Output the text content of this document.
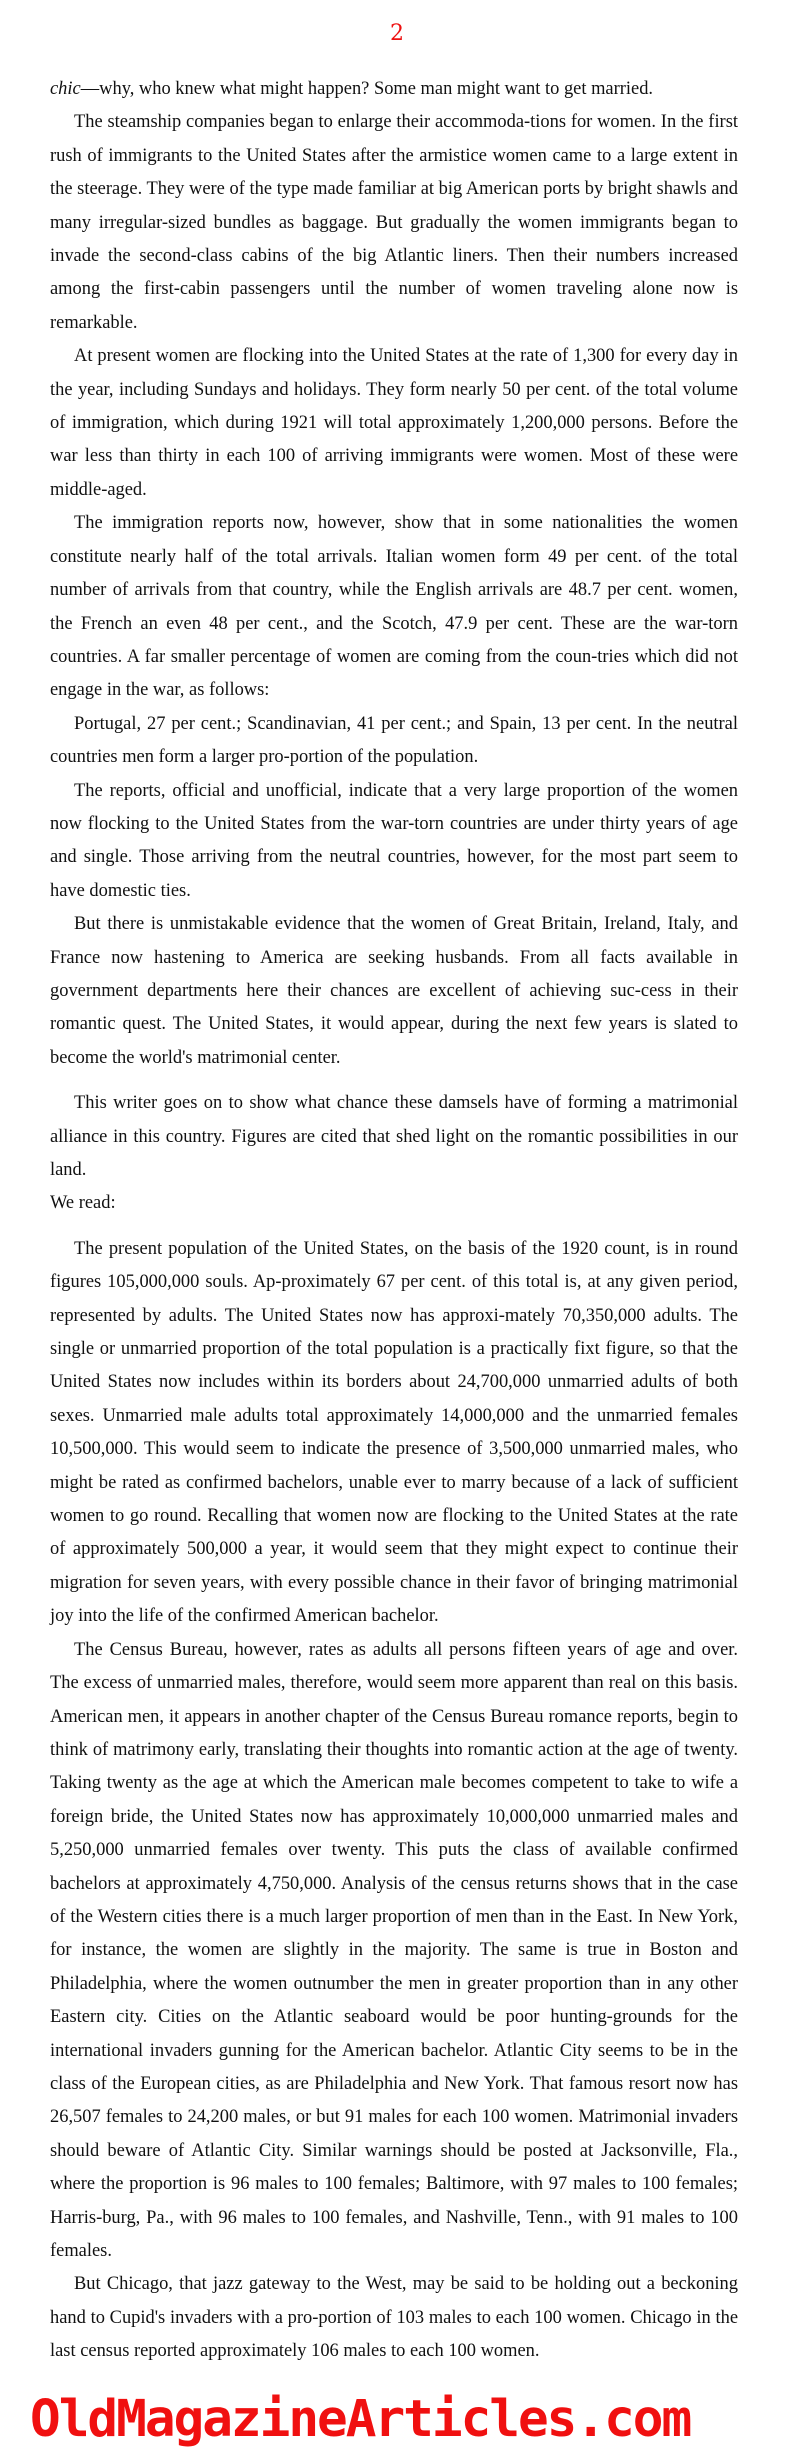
2

chic—why, who knew what might happen? Some man might want to get married.

The steamship companies began to enlarge their accommoda-tions for women. In the first rush of immigrants to the United States after the armistice women came to a large extent in the steerage. They were of the type made familiar at big American ports by bright shawls and many irregular-sized bundles as baggage. But gradually the women immigrants began to invade the second-class cabins of the big Atlantic liners. Then their numbers increased among the first-cabin passengers until the number of women traveling alone now is remarkable.

At present women are flocking into the United States at the rate of 1,300 for every day in the year, including Sundays and holidays. They form nearly 50 per cent. of the total volume of immigration, which during 1921 will total approximately 1,200,000 persons. Before the war less than thirty in each 100 of arriving immigrants were women. Most of these were middle-aged.

The immigration reports now, however, show that in some nationalities the women constitute nearly half of the total arrivals. Italian women form 49 per cent. of the total number of arrivals from that country, while the English arrivals are 48.7 per cent. women, the French an even 48 per cent., and the Scotch, 47.9 per cent. These are the war-torn countries. A far smaller percentage of women are coming from the coun-tries which did not engage in the war, as follows:

Portugal, 27 per cent.; Scandinavian, 41 per cent.; and Spain, 13 per cent. In the neutral countries men form a larger pro-portion of the population.

The reports, official and unofficial, indicate that a very large proportion of the women now flocking to the United States from the war-torn countries are under thirty years of age and single. Those arriving from the neutral countries, however, for the most part seem to have domestic ties.

But there is unmistakable evidence that the women of Great Britain, Ireland, Italy, and France now hastening to America are seeking husbands. From all facts available in government departments here their chances are excellent of achieving suc-cess in their romantic quest. The United States, it would appear, during the next few years is slated to become the world's matrimonial center.

This writer goes on to show what chance these damsels have of forming a matrimonial alliance in this country. Figures are cited that shed light on the romantic possibilities in our land.

We read:

The present population of the United States, on the basis of the 1920 count, is in round figures 105,000,000 souls. Ap-proximately 67 per cent. of this total is, at any given period, represented by adults. The United States now has approxi-mately 70,350,000 adults. The single or unmarried proportion of the total population is a practically fixt figure, so that the United States now includes within its borders about 24,700,000 unmarried adults of both sexes. Unmarried male adults total approximately 14,000,000 and the unmarried females 10,500,000. This would seem to indicate the presence of 3,500,000 unmarried males, who might be rated as confirmed bachelors, unable ever to marry because of a lack of sufficient women to go round. Recalling that women now are flocking to the United States at the rate of approximately 500,000 a year, it would seem that they might expect to continue their migration for seven years, with every possible chance in their favor of bringing matrimonial joy into the life of the confirmed American bachelor.

The Census Bureau, however, rates as adults all persons fifteen years of age and over. The excess of unmarried males, therefore, would seem more apparent than real on this basis. American men, it appears in another chapter of the Census Bureau romance reports, begin to think of matrimony early, translating their thoughts into romantic action at the age of twenty. Taking twenty as the age at which the American male becomes competent to take to wife a foreign bride, the United States now has approximately 10,000,000 unmarried males and 5,250,000 unmarried females over twenty. This puts the class of available confirmed bachelors at approximately 4,750,000. Analysis of the census returns shows that in the case of the Western cities there is a much larger proportion of men than in the East. In New York, for instance, the women are slightly in the majority. The same is true in Boston and Philadelphia, where the women outnumber the men in greater proportion than in any other Eastern city. Cities on the Atlantic seaboard would be poor hunting-grounds for the international invaders gunning for the American bachelor. Atlantic City seems to be in the class of the European cities, as are Philadelphia and New York. That famous resort now has 26,507 females to 24,200 males, or but 91 males for each 100 women. Matrimonial invaders should beware of Atlantic City. Similar warnings should be posted at Jacksonville, Fla., where the proportion is 96 males to 100 females; Baltimore, with 97 males to 100 females; Harris-burg, Pa., with 96 males to 100 females, and Nashville, Tenn., with 91 males to 100 females.

But Chicago, that jazz gateway to the West, may be said to be holding out a beckoning hand to Cupid's invaders with a pro-portion of 103 males to each 100 women. Chicago in the last census reported approximately 106 males to each 100 women.

OldMagazineArticles.com
